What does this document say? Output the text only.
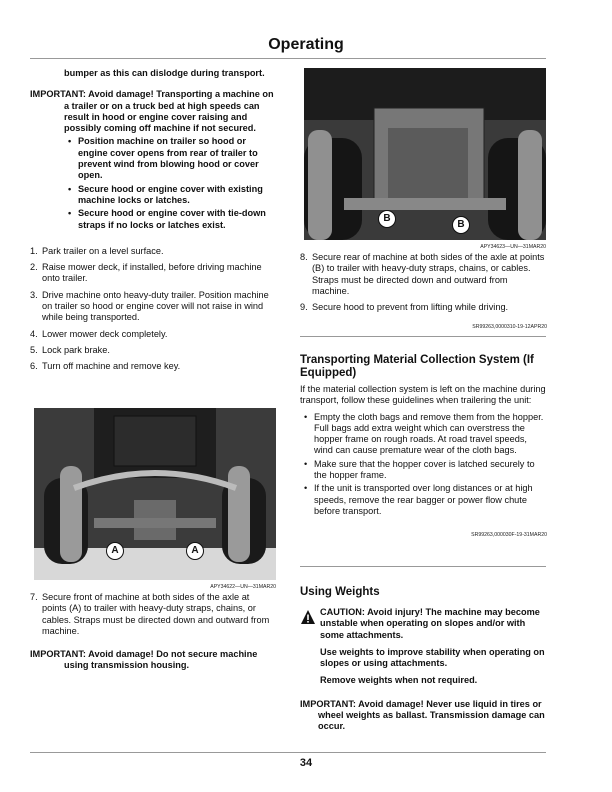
Operating

bumper as this can dislodge during transport.

IMPORTANT: Avoid damage! Transporting a machine on a trailer or on a truck bed at high speeds can result in hood or engine cover raising and possibly coming off machine if not secured.

• Position machine on trailer so hood or engine cover opens from rear of trailer to prevent wind from blowing hood or cover open.
• Secure hood or engine cover with existing machine locks or latches.
• Secure hood or engine cover with tie-down straps if no locks or latches exist.
1. Park trailer on a level surface.
2. Raise mower deck, if installed, before driving machine onto trailer.
3. Drive machine onto heavy-duty trailer. Position machine on trailer so hood or engine cover will not raise in wind while being transported.
4. Lower mower deck completely.
5. Lock park brake.
6. Turn off machine and remove key.
A	A
APY34622—UN—31MAR20
7. Secure front of machine at both sides of the axle at points (A) to trailer with heavy-duty straps, chains, or cables. Straps must be directed down and outward from machine.

IMPORTANT: Avoid damage! Do not secure machine using transmission housing.

B
B
APY34623—UN—31MAR20
8. Secure rear of machine at both sides of the axle at points (B) to trailer with heavy-duty straps, chains, or cables. Straps must be directed down and outward from machine.
9. Secure hood to prevent from lifting while driving.
SR99263,0000310-19-12APR20
Transporting Material Collection System (If Equipped)

If the material collection system is left on the machine during transport, follow these guidelines when trailering the unit:

• Empty the cloth bags and remove them from the hopper. Full bags add extra weight which can overstress the hopper frame on rough roads. At road travel speeds, wind can cause premature wear of the cloth bags.
• Make sure that the hopper cover is latched securely to the hopper frame.
• If the unit is transported over long distances or at high speeds, remove the rear bagger or power flow chute before transport.
SR99263,000030F-19-31MAR20
Using Weights

CAUTION: Avoid injury! The machine may become unstable when operating on slopes and/or with some attachments.

Use weights to improve stability when operating on slopes or using attachments.

Remove weights when not required.

IMPORTANT: Avoid damage! Never use liquid in tires or wheel weights as ballast. Transmission damage can occur.

34
